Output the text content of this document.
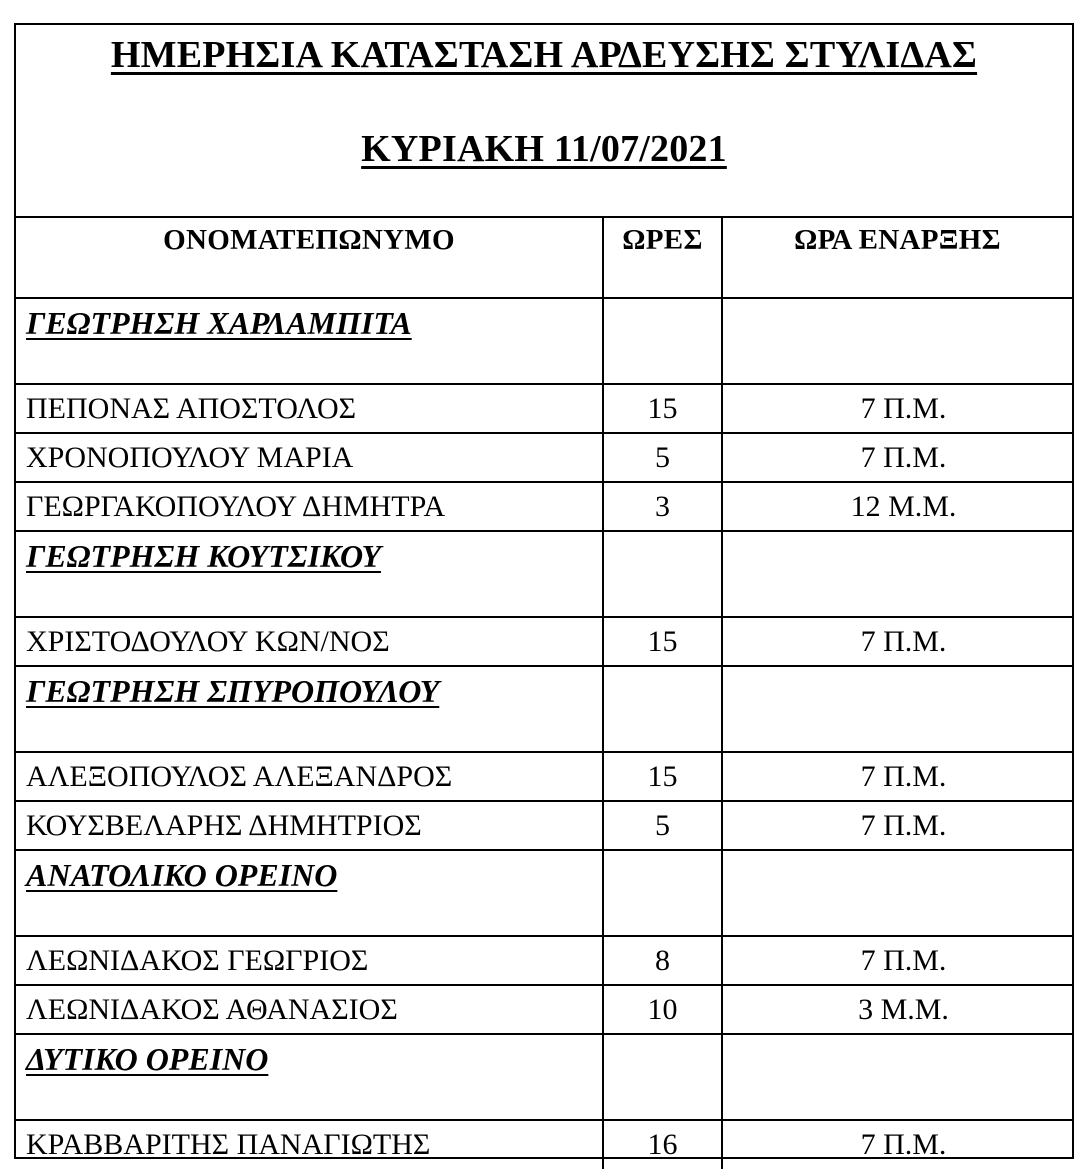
ΗΜΕΡΗΣΙΑ ΚΑΤΑΣΤΑΣΗ ΑΡΔΕΥΣΗΣ ΣΤΥΛΙΔΑΣ
ΚΥΡΙΑΚΗ 11/07/2021
ΟΝΟΜΑΤΕΠΩΝΥΜΟ	ΩΡΕΣ	ΩΡΑ ΕΝΑΡΞΗΣ
ΓΕΩΤΡΗΣΗ ΧΑΡΛΑΜΠΙΤΑ		
ΠΕΠΟΝΑΣ ΑΠΟΣΤΟΛΟΣ	15	7 Π.Μ.
ΧΡΟΝΟΠΟΥΛΟΥ ΜΑΡΙΑ	5	7 Π.Μ.
ΓΕΩΡΓΑΚΟΠΟΥΛΟΥ ΔΗΜΗΤΡΑ	3	12 Μ.Μ.
ΓΕΩΤΡΗΣΗ ΚΟΥΤΣΙΚΟΥ		
ΧΡΙΣΤΟΔΟΥΛΟΥ ΚΩΝ/ΝΟΣ	15	7 Π.Μ.
ΓΕΩΤΡΗΣΗ ΣΠΥΡΟΠΟΥΛΟΥ		
ΑΛΕΞΟΠΟΥΛΟΣ ΑΛΕΞΑΝΔΡΟΣ	15	7 Π.Μ.
ΚΟΥΣΒΕΛΑΡΗΣ ΔΗΜΗΤΡΙΟΣ	5	7 Π.Μ.
ΑΝΑΤΟΛΙΚΟ ΟΡΕΙΝΟ		
ΛΕΩΝΙΔΑΚΟΣ ΓΕΩΓΡΙΟΣ	8	7 Π.Μ.
ΛΕΩΝΙΔΑΚΟΣ ΑΘΑΝΑΣΙΟΣ	10	3 Μ.Μ.
ΔΥΤΙΚΟ ΟΡΕΙΝΟ		
ΚΡΑΒΒΑΡΙΤΗΣ ΠΑΝΑΓΙΩΤΗΣ	16	7 Π.Μ.
